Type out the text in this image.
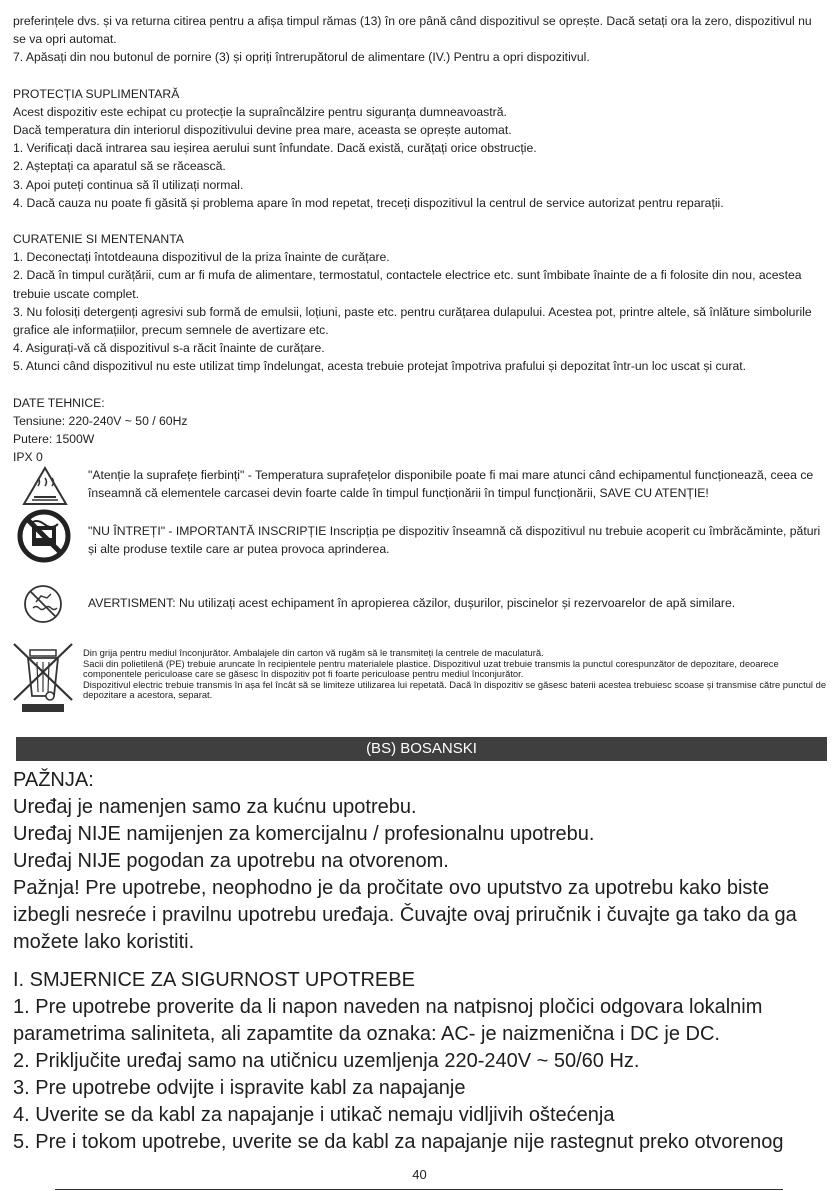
preferințele dvs. și va returna citirea pentru a afișa timpul rămas (13) în ore până când dispozitivul se oprește. Dacă setați ora la zero, dispozitivul nu se va opri automat.

7. Apăsați din nou butonul de pornire (3) și opriți întrerupătorul de alimentare (IV.) Pentru a opri dispozitivul.

PROTECȚIA SUPLIMENTARĂ

Acest dispozitiv este echipat cu protecție la supraîncălzire pentru siguranța dumneavoastră.

Dacă temperatura din interiorul dispozitivului devine prea mare, aceasta se oprește automat.

1. Verificați dacă intrarea sau ieșirea aerului sunt înfundate. Dacă există, curățați orice obstrucție.

2. Așteptați ca aparatul să se răcească.

3. Apoi puteți continua să îl utilizați normal.

4. Dacă cauza nu poate fi găsită și problema apare în mod repetat, treceți dispozitivul la centrul de service autorizat pentru reparații.

CURATENIE SI MENTENANTA

1. Deconectați întotdeauna dispozitivul de la priza înainte de curățare.

2. Dacă în timpul curățării, cum ar fi mufa de alimentare, termostatul, contactele electrice etc. sunt îmbibate înainte de a fi folosite din nou, acestea trebuie uscate complet.

3. Nu folosiți detergenți agresivi sub formă de emulsii, loțiuni, paste etc. pentru curățarea dulapului. Acestea pot, printre altele, să înlăture simbolurile grafice ale informațiilor, precum semnele de avertizare etc.

4. Asigurați-vă că dispozitivul s-a răcit înainte de curățare.

5. Atunci când dispozitivul nu este utilizat timp îndelungat, acesta trebuie protejat împotriva prafului și depozitat într-un loc uscat și curat.

DATE TEHNICE:

Tensiune: 220-240V ~ 50 / 60Hz

Putere: 1500W

IPX 0

"Atenție la suprafețe fierbinți" - Temperatura suprafețelor disponibile poate fi mai mare atunci când echipamentul funcționează, ceea ce înseamnă că elementele carcasei devin foarte calde în timpul funcționării în timpul funcționării, SAVE CU ATENȚIE!
"NU ÎNTREȚI" - IMPORTANTĂ INSCRIPȚIE Inscripția pe dispozitiv înseamnă că dispozitivul nu trebuie acoperit cu îmbrăcăminte, pături și alte produse textile care ar putea provoca aprinderea.
AVERTISMENT: Nu utilizați acest echipament în apropierea căzilor, dușurilor, piscinelor și rezervoarelor de apă similare.

Din grija pentru mediul înconjurător. Ambalajele din carton vă rugăm să le transmiteți la centrele de maculatură.

Sacii din polietilenă (PE) trebuie aruncate în recipientele pentru materialele plastice. Dispozitivul uzat trebuie transmis la punctul corespunzător de depozitare, deoarece componentele periculoase care se găsesc în dispozitiv pot fi foarte periculoase pentru mediul înconjurător.

Dispozitivul electric trebuie transmis în așa fel încât să se limiteze utilizarea lui repetată. Dacă în dispozitiv se găsesc baterii acestea trebuiesc scoase și transmise către punctul de depozitare a acestora, separat.

(BS) BOSANSKI

PAŽNJA:

Uređaj je namenjen samo za kućnu upotrebu.

Uređaj NIJE namijenjen za komercijalnu / profesionalnu upotrebu.

Uređaj NIJE pogodan za upotrebu na otvorenom.

Pažnja! Pre upotrebe, neophodno je da pročitate ovo uputstvo za upotrebu kako biste izbegli nesreće i pravilnu upotrebu uređaja. Čuvajte ovaj priručnik i čuvajte ga tako da ga možete lako koristiti.

I. SMJERNICE ZA SIGURNOST UPOTREBE

1. Pre upotrebe proverite da li napon naveden na natpisnoj pločici odgovara lokalnim parametrima saliniteta, ali zapamtite da oznaka: AC- je naizmenična i DC je DC.

2. Priključite uređaj samo na utičnicu uzemljenja 220-240V ~ 50/60 Hz.

3. Pre upotrebe odvijte i ispravite kabl za napajanje

4. Uverite se da kabl za napajanje i utikač nemaju vidljivih oštećenja

5. Pre i tokom upotrebe, uverite se da kabl za napajanje nije rastegnut preko otvorenog

40
